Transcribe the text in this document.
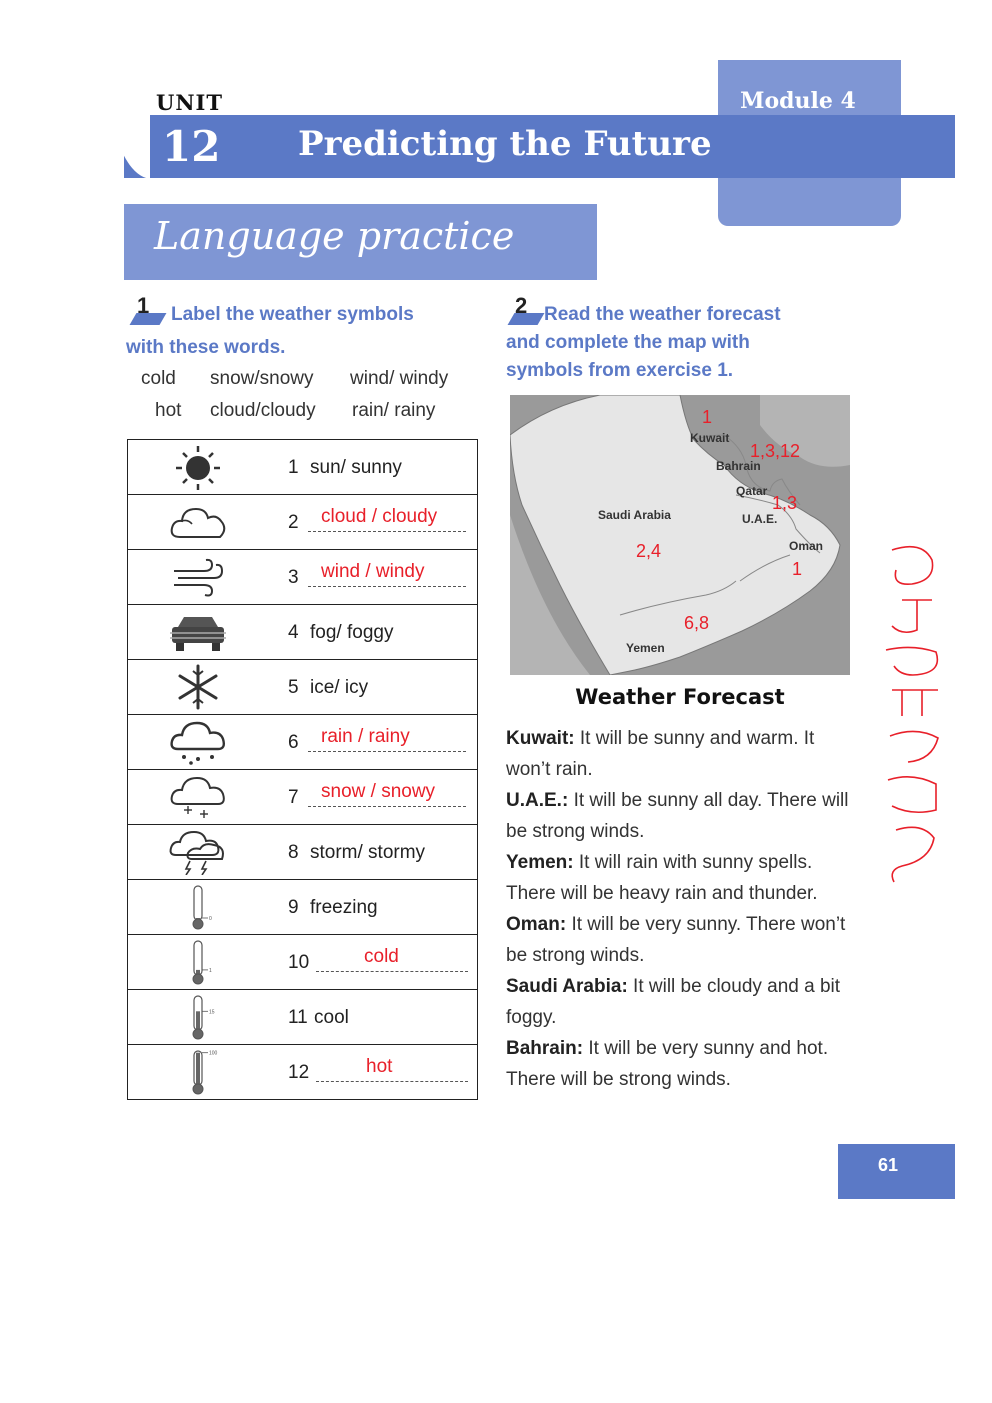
Module 4
UNIT
12 Predicting the Future
Language practice
1 Label the weather symbols
with these words.
cold snow/snowy wind/ windy
hot cloud/cloudy rain/ rainy
1 sun/ sunny
2 cloud / cloudy
3 wind / windy
4 fog/ foggy
5 ice/ icy
6 rain / rainy
7 snow / snowy
8 storm/ stormy
0
9 freezing
1	10	cold
15	11 cool
100
12	hot
2 Read the weather forecast
and complete the map with
symbols from exercise 1.
Kuwait
Bahrain
Qatar
U.A.E.
Saudi Arabia
Oman
Yemen
1
1,3,12
1,3
2,4
1
6,8
Weather Forecast
Kuwait: It will be sunny and warm. It won’t rain.
U.A.E.: It will be sunny all day. There will be strong winds.
Yemen: It will rain with sunny spells. There will be heavy rain and thunder.
Oman: It will be very sunny. There won’t be strong winds.
Saudi Arabia: It will be cloudy and a bit foggy.
Bahrain: It will be very sunny and hot. There will be strong winds.
61
